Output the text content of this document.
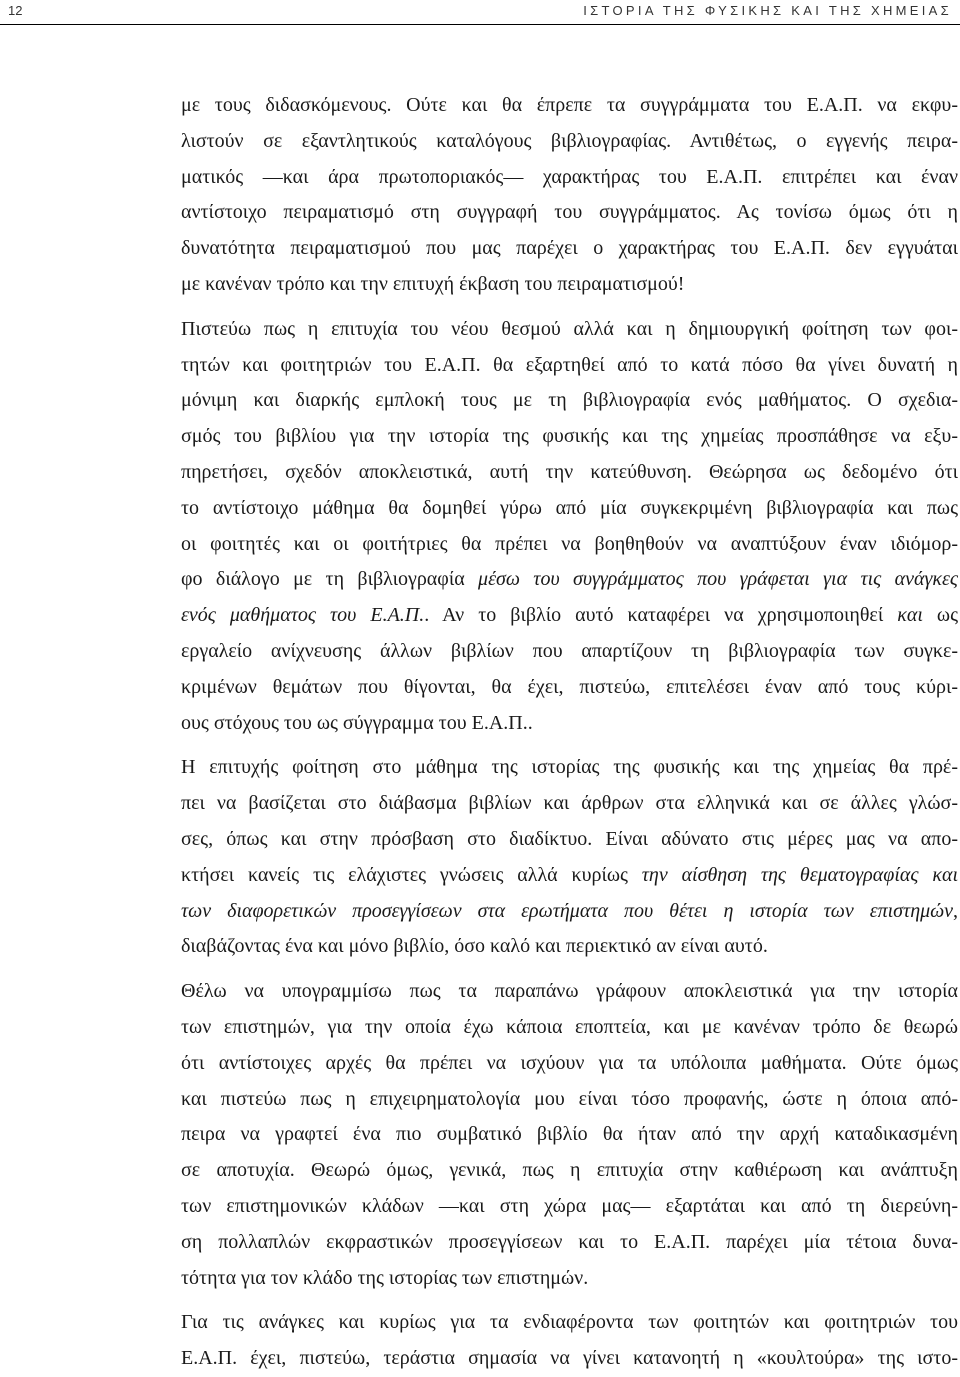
12	ΙΣΤΟΡΙΑ ΤΗΣ ΦΥΣΙΚΗΣ ΚΑΙ ΤΗΣ ΧΗΜΕΙΑΣ
με τους διδασκόμενους. Ούτε και θα έπρεπε τα συγγράμματα του Ε.Α.Π. να εκφυ-
λιστούν σε εξαντλητικούς καταλόγους βιβλιογραφίας. Αντιθέτως, ο εγγενής πειρα-
ματικός —και άρα πρωτοποριακός— χαρακτήρας του Ε.Α.Π. επιτρέπει και έναν
αντίστοιχο πειραματισμό στη συγγραφή του συγγράμματος. Ας τονίσω όμως ότι η
δυνατότητα πειραματισμού που μας παρέχει ο χαρακτήρας του Ε.Α.Π. δεν εγγυάται
με κανέναν τρόπο και την επιτυχή έκβαση του πειραματισμού!
Πιστεύω πως η επιτυχία του νέου θεσμού αλλά και η δημιουργική φοίτηση των φοι-
τητών και φοιτητριών του Ε.Α.Π. θα εξαρτηθεί από το κατά πόσο θα γίνει δυνατή η
μόνιμη και διαρκής εμπλοκή τους με τη βιβλιογραφία ενός μαθήματος. Ο σχεδια-
σμός του βιβλίου για την ιστορία της φυσικής και της χημείας προσπάθησε να εξυ-
πηρετήσει, σχεδόν αποκλειστικά, αυτή την κατεύθυνση. Θεώρησα ως δεδομένο ότι
το αντίστοιχο μάθημα θα δομηθεί γύρω από μία συγκεκριμένη βιβλιογραφία και πως
οι φοιτητές και οι φοιτήτριες θα πρέπει να βοηθηθούν να αναπτύξουν έναν ιδιόμορ-
φο διάλογο με τη βιβλιογραφία μέσω του συγγράμματος που γράφεται για τις ανάγκες
ενός μαθήματος του Ε.Α.Π.. Αν το βιβλίο αυτό καταφέρει να χρησιμοποιηθεί και ως
εργαλείο ανίχνευσης άλλων βιβλίων που απαρτίζουν τη βιβλιογραφία των συγκε-
κριμένων θεμάτων που θίγονται, θα έχει, πιστεύω, επιτελέσει έναν από τους κύρι-
ους στόχους του ως σύγγραμμα του Ε.Α.Π..
Η επιτυχής φοίτηση στο μάθημα της ιστορίας της φυσικής και της χημείας θα πρέ-
πει να βασίζεται στο διάβασμα βιβλίων και άρθρων στα ελληνικά και σε άλλες γλώσ-
σες, όπως και στην πρόσβαση στο διαδίκτυο. Είναι αδύνατο στις μέρες μας να απο-
κτήσει κανείς τις ελάχιστες γνώσεις αλλά κυρίως την αίσθηση της θεματογραφίας και
των διαφορετικών προσεγγίσεων στα ερωτήματα που θέτει η ιστορία των επιστημών,
διαβάζοντας ένα και μόνο βιβλίο, όσο καλό και περιεκτικό αν είναι αυτό.
Θέλω να υπογραμμίσω πως τα παραπάνω γράφουν αποκλειστικά για την ιστορία
των επιστημών, για την οποία έχω κάποια εποπτεία, και με κανέναν τρόπο δε θεωρώ
ότι αντίστοιχες αρχές θα πρέπει να ισχύουν για τα υπόλοιπα μαθήματα. Ούτε όμως
και πιστεύω πως η επιχειρηματολογία μου είναι τόσο προφανής, ώστε η όποια από-
πειρα να γραφτεί ένα πιο συμβατικό βιβλίο θα ήταν από την αρχή καταδικασμένη
σε αποτυχία. Θεωρώ όμως, γενικά, πως η επιτυχία στην καθιέρωση και ανάπτυξη
των επιστημονικών κλάδων —και στη χώρα μας— εξαρτάται και από τη διερεύνη-
ση πολλαπλών εκφραστικών προσεγγίσεων και το Ε.Α.Π. παρέχει μία τέτοια δυνα-
τότητα για τον κλάδο της ιστορίας των επιστημών.
Για τις ανάγκες και κυρίως για τα ενδιαφέροντα των φοιτητών και φοιτητριών του
Ε.Α.Π. έχει, πιστεύω, τεράστια σημασία να γίνει κατανοητή η «κουλτούρα» της ιστο-
